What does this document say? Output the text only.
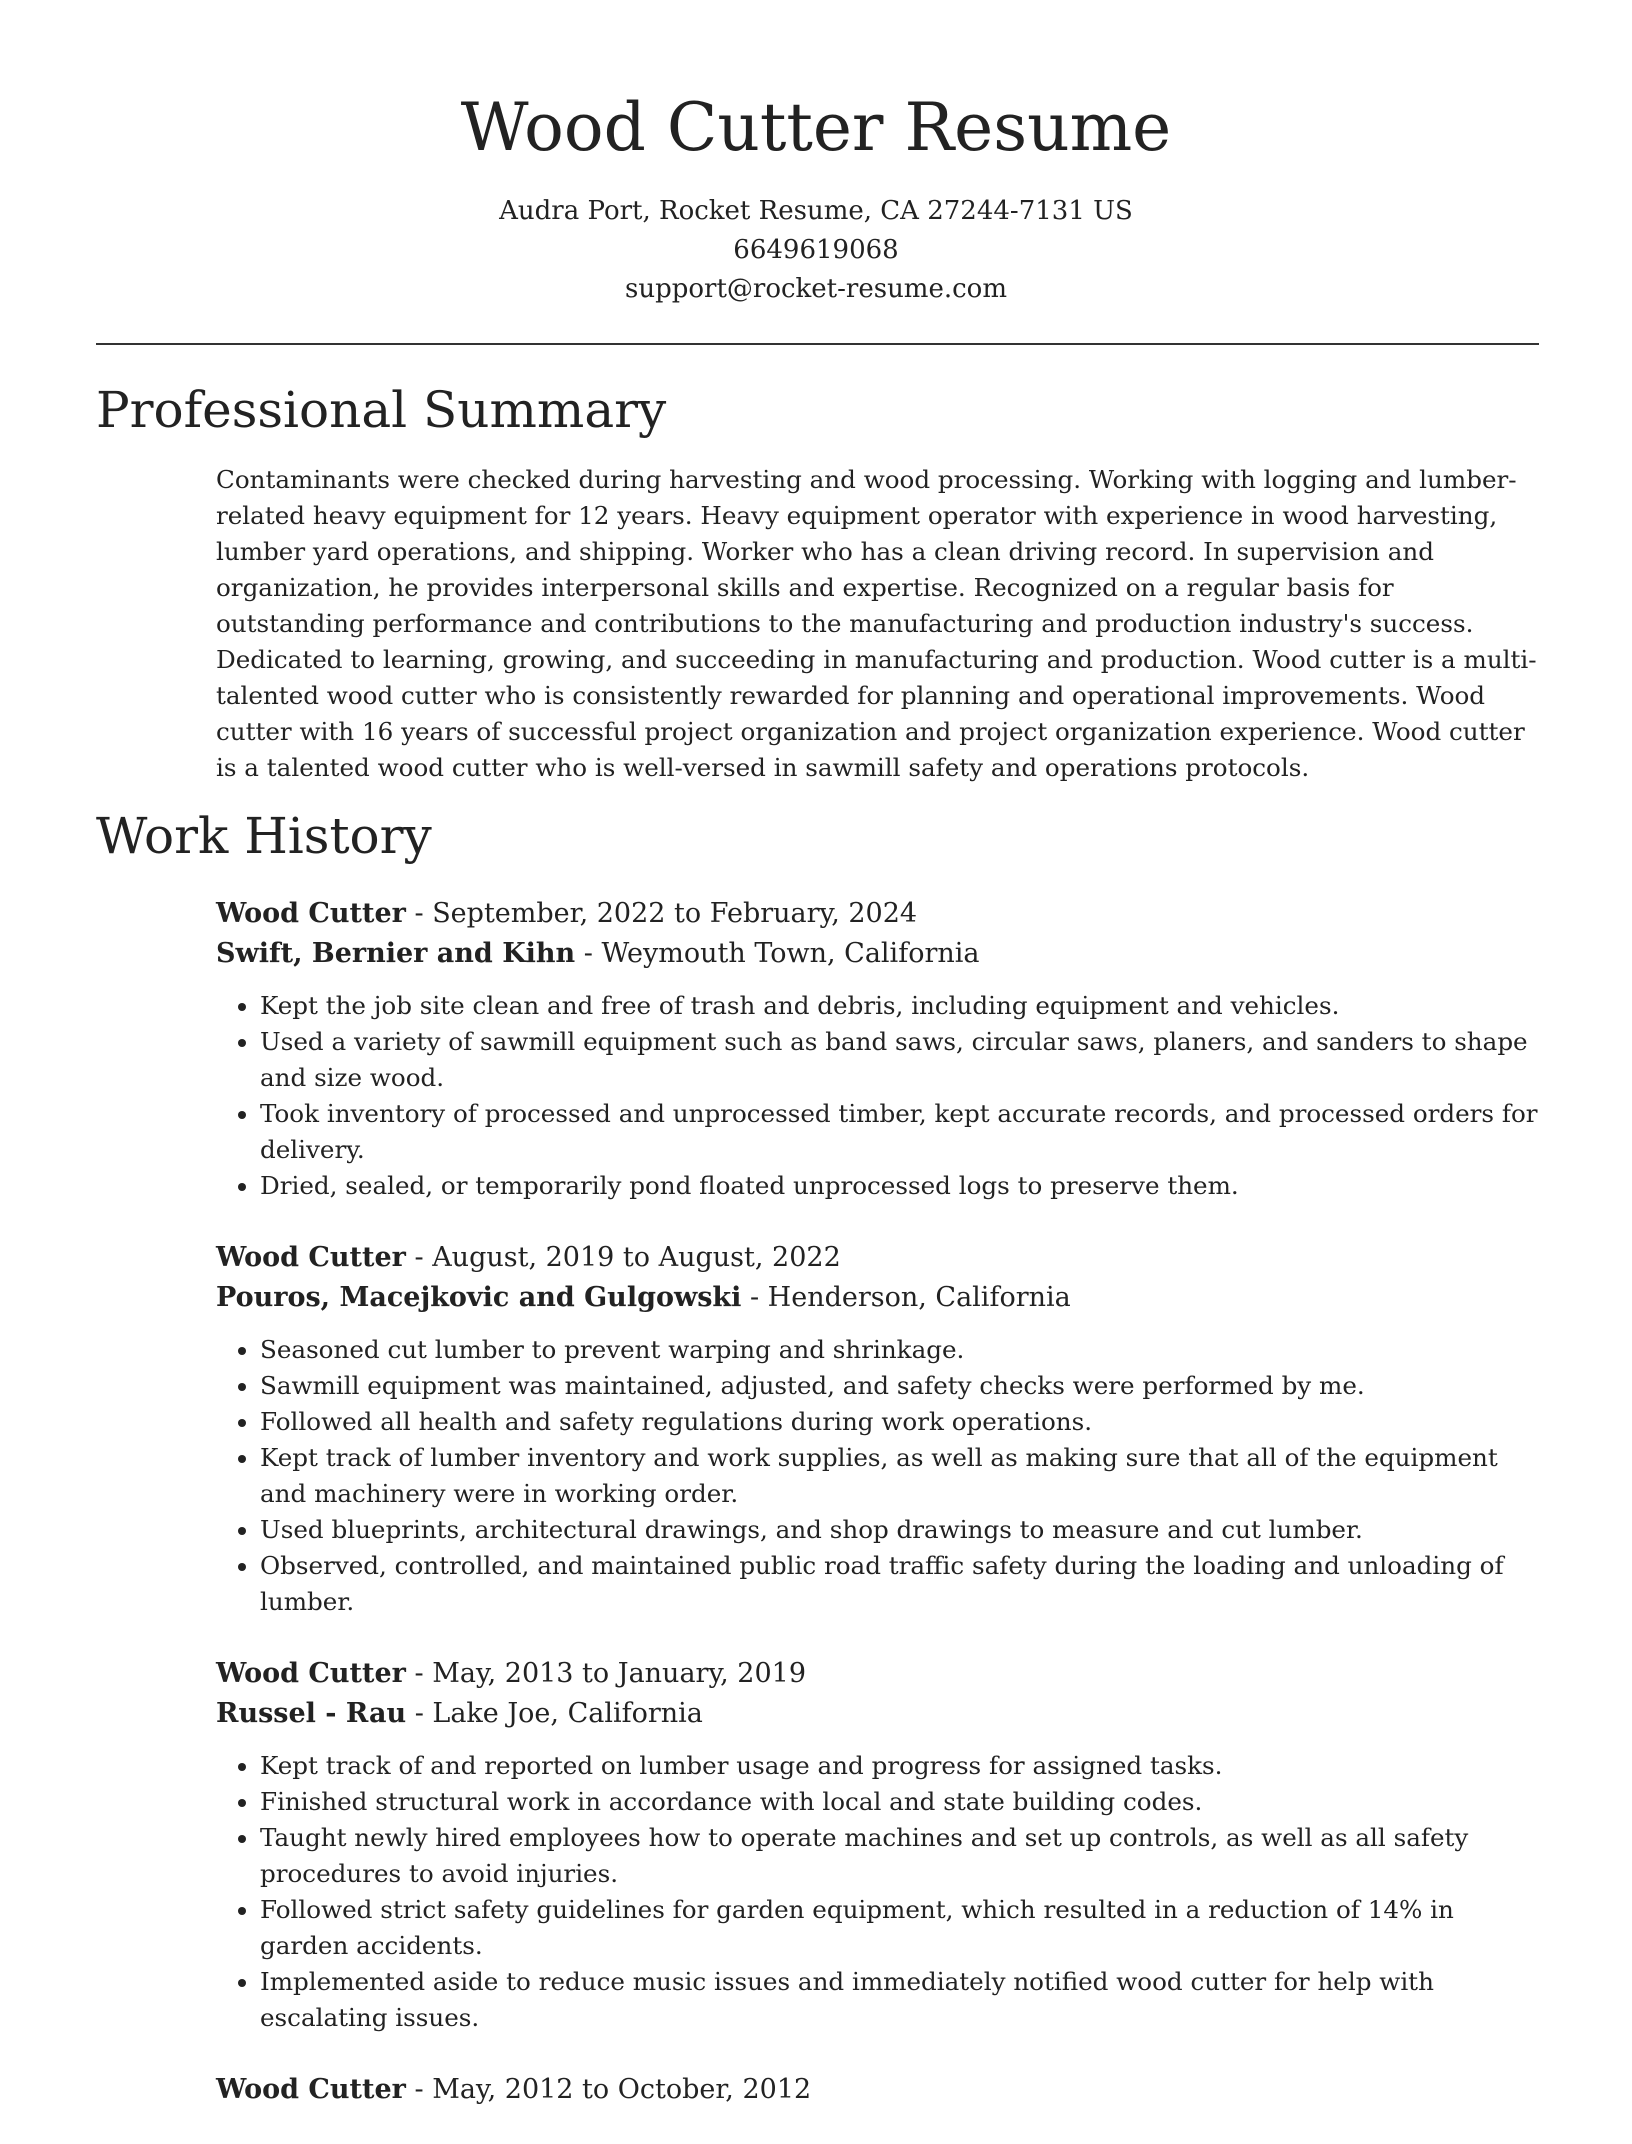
Wood Cutter Resume
Audra Port, Rocket Resume, CA 27244-7131 US
6649619068
support@rocket-resume.com
Professional Summary

Contaminants were checked during harvesting and wood processing. Working with logging and lumber-related heavy equipment for 12 years. Heavy equipment operator with experience in wood harvesting, lumber yard operations, and shipping. Worker who has a clean driving record. In supervision and organization, he provides interpersonal skills and expertise. Recognized on a regular basis for outstanding performance and contributions to the manufacturing and production industry's success. Dedicated to learning, growing, and succeeding in manufacturing and production. Wood cutter is a multi-talented wood cutter who is consistently rewarded for planning and operational improvements. Wood cutter with 16 years of successful project organization and project organization experience. Wood cutter is a talented wood cutter who is well-versed in sawmill safety and operations protocols.

Work History
Wood Cutter - September, 2022 to February, 2024
Swift, Bernier and Kihn - Weymouth Town, California
• Kept the job site clean and free of trash and debris, including equipment and vehicles.
• Used a variety of sawmill equipment such as band saws, circular saws, planers, and sanders to shape and size wood.
• Took inventory of processed and unprocessed timber, kept accurate records, and processed orders for delivery.
• Dried, sealed, or temporarily pond floated unprocessed logs to preserve them.
Wood Cutter - August, 2019 to August, 2022
Pouros, Macejkovic and Gulgowski - Henderson, California
• Seasoned cut lumber to prevent warping and shrinkage.
• Sawmill equipment was maintained, adjusted, and safety checks were performed by me.
• Followed all health and safety regulations during work operations.
• Kept track of lumber inventory and work supplies, as well as making sure that all of the equipment and machinery were in working order.
• Used blueprints, architectural drawings, and shop drawings to measure and cut lumber.
• Observed, controlled, and maintained public road traffic safety during the loading and unloading of lumber.
Wood Cutter - May, 2013 to January, 2019
Russel - Rau - Lake Joe, California
• Kept track of and reported on lumber usage and progress for assigned tasks.
• Finished structural work in accordance with local and state building codes.
• Taught newly hired employees how to operate machines and set up controls, as well as all safety procedures to avoid injuries.
• Followed strict safety guidelines for garden equipment, which resulted in a reduction of 14% in garden accidents.
• Implemented aside to reduce music issues and immediately notified wood cutter for help with escalating issues.
Wood Cutter - May, 2012 to October, 2012
